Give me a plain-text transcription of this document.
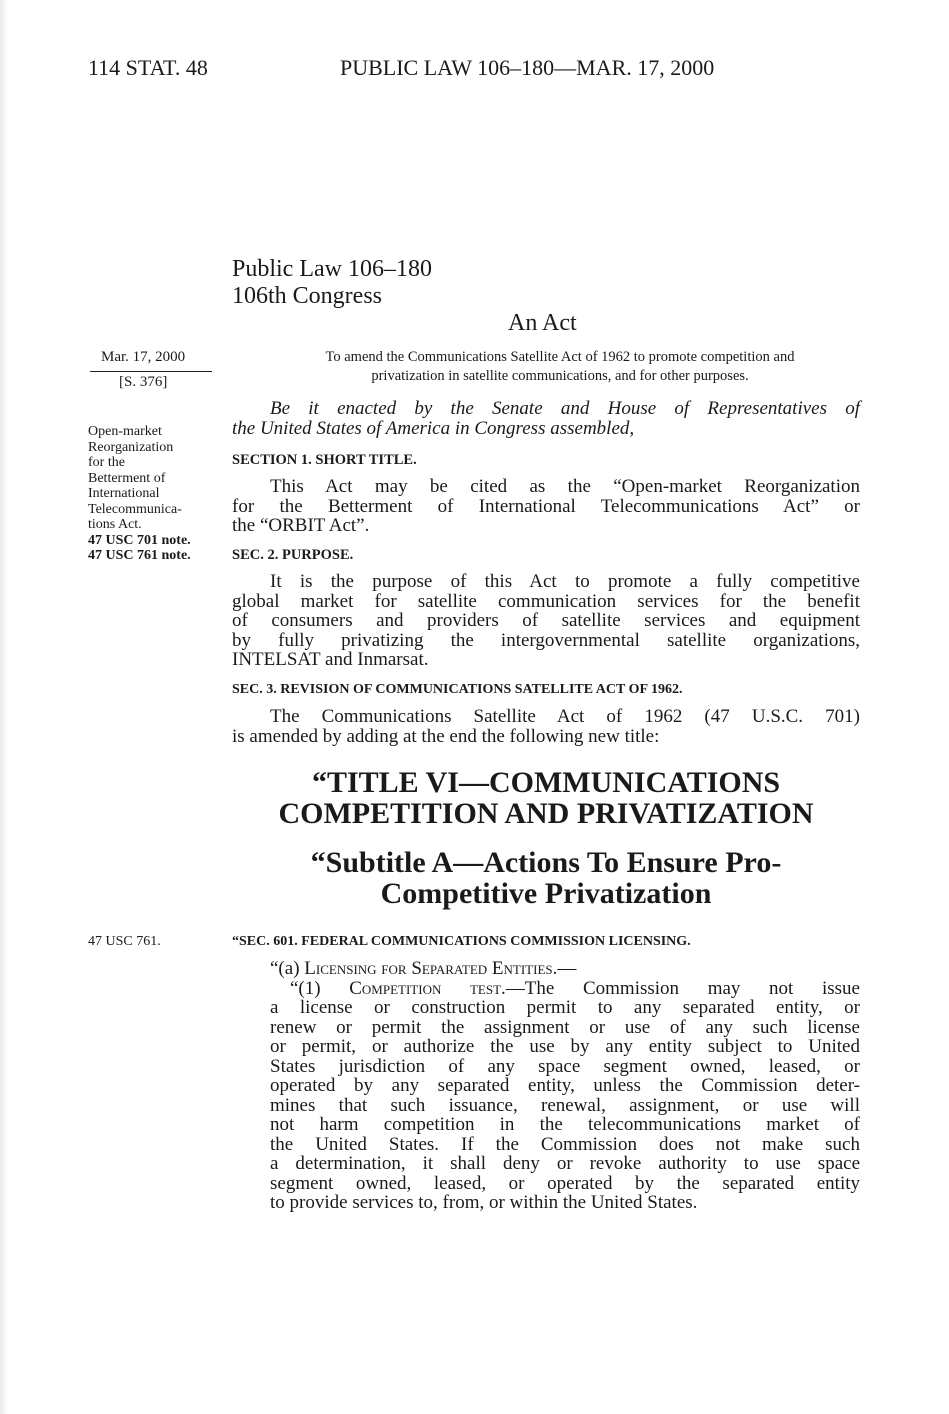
114 STAT. 48	PUBLIC LAW 106–180—MAR. 17, 2000
Public Law 106–180
106th Congress
An Act
Mar. 17, 2000
[S. 376]
To amend the Communications Satellite Act of 1962 to promote competition and
privatization in satellite communications, and for other purposes.
Open-market
Reorganization
for the
Betterment of
International
Telecommunica-
tions Act.
47 USC 701 note.
47 USC 761 note.
Be it enacted by the Senate and House of Representatives of
the United States of America in Congress assembled,
SECTION 1. SHORT TITLE.
This Act may be cited as the “Open-market Reorganization
for the Betterment of International Telecommunications Act” or
the “ORBIT Act”.
SEC. 2. PURPOSE.
It is the purpose of this Act to promote a fully competitive
global market for satellite communication services for the benefit
of consumers and providers of satellite services and equipment
by fully privatizing the intergovernmental satellite organizations,
INTELSAT and Inmarsat.
SEC. 3. REVISION OF COMMUNICATIONS SATELLITE ACT OF 1962.
The Communications Satellite Act of 1962 (47 U.S.C. 701)
is amended by adding at the end the following new title:
“TITLE VI—COMMUNICATIONS
COMPETITION AND PRIVATIZATION
“Subtitle A—Actions To Ensure Pro-
Competitive Privatization
47 USC 761.	“SEC. 601. FEDERAL COMMUNICATIONS COMMISSION LICENSING.
“(a) Licensing for Separated Entities.—
“(1) Competition test.—The Commission may not issue
a license or construction permit to any separated entity, or
renew or permit the assignment or use of any such license
or permit, or authorize the use by any entity subject to United
States jurisdiction of any space segment owned, leased, or
operated by any separated entity, unless the Commission deter-
mines that such issuance, renewal, assignment, or use will
not harm competition in the telecommunications market of
the United States. If the Commission does not make such
a determination, it shall deny or revoke authority to use space
segment owned, leased, or operated by the separated entity
to provide services to, from, or within the United States.
